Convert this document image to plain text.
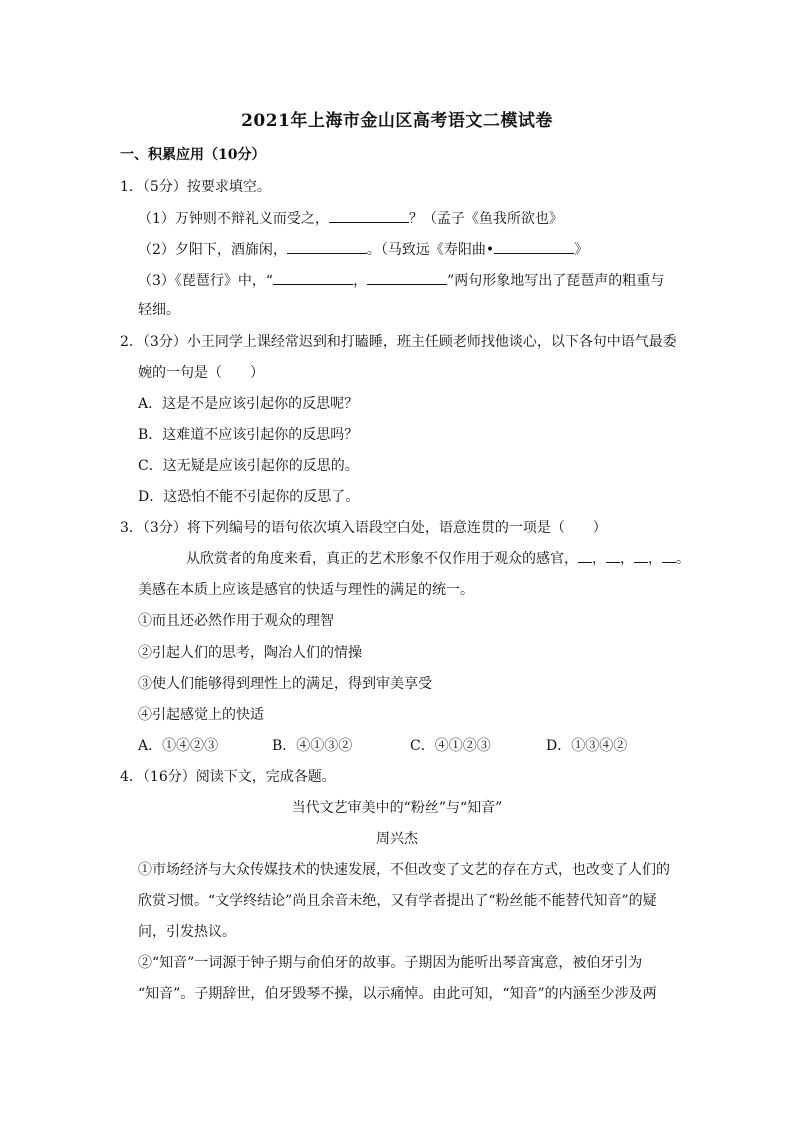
2021年上海市金山区高考语文二模试卷
一、积累应用（10分）
1．（5分）按要求填空。
（1）万钟则不辩礼义而受之，	？（孟子《鱼我所欲也》
（2）夕阳下，酒旆闲，	。（马致远《寿阳曲•	》
（3）《琵琶行》中，“	，	”两句形象地写出了琵琶声的粗重与
轻细。
2．（3分）小王同学上课经常迟到和打瞌睡，班主任顾老师找他谈心，以下各句中语气最委
婉的一句是（　　）
A．这是不是应该引起你的反思呢？
B．这难道不应该引起你的反思吗？
C．这无疑是应该引起你的反思的。
D．这恐怕不能不引起你的反思了。
3．（3分）将下列编号的语句依次填入语段空白处，语意连贯的一项是（　　）
从欣赏者的角度来看，真正的艺术形象不仅作用于观众的感官， ， ， ， 。
美感在本质上应该是感官的快适与理性的满足的统一。
①而且还必然作用于观众的理智
②引起人们的思考，陶冶人们的情操
③使人们能够得到理性上的满足，得到审美享受
④引起感觉上的快适
A．①④②③	B．④①③②	C．④①②③	D．①③④②
4．（16分）阅读下文，完成各题。
当代文艺审美中的“粉丝”与“知音”
周兴杰
①市场经济与大众传媒技术的快速发展，不但改变了文艺的存在方式，也改变了人们的
欣赏习惯。“文学终结论”尚且余音未绝，又有学者提出了“粉丝能不能替代知音”的疑
问，引发热议。
②“知音”一词源于钟子期与俞伯牙的故事。子期因为能听出琴音寓意，被伯牙引为
“知音”。子期辞世，伯牙毁琴不操，以示痛悼。由此可知，“知音”的内涵至少涉及两
